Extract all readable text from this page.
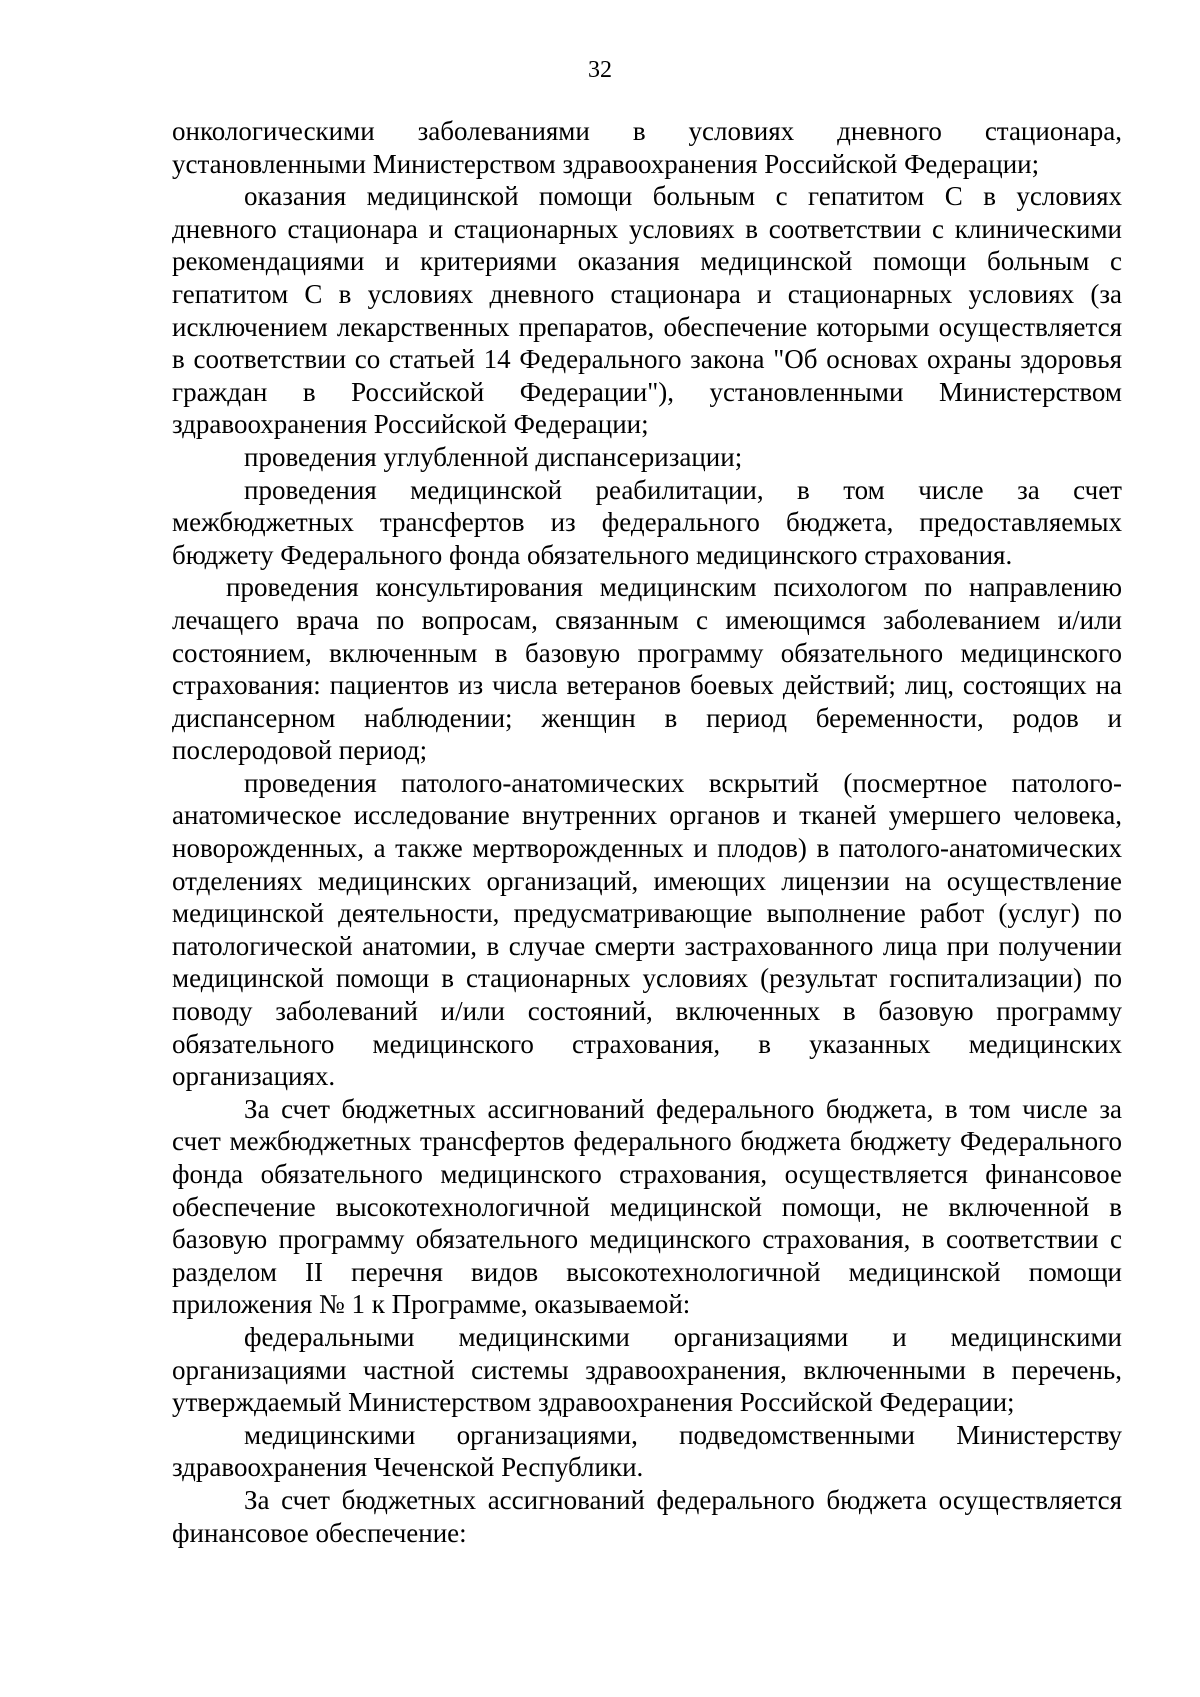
32

онкологическими заболеваниями в условиях дневного стационара, установленными Министерством здравоохранения Российской Федерации;

оказания медицинской помощи больным с гепатитом С в условиях дневного стационара и стационарных условиях в соответствии с клиническими рекомендациями и критериями оказания медицинской помощи больным с гепатитом С в условиях дневного стационара и стационарных условиях (за исключением лекарственных препаратов, обеспечение которыми осуществляется в соответствии со статьей 14 Федерального закона "Об основах охраны здоровья граждан в Российской Федерации"), установленными Министерством здравоохранения Российской Федерации;

проведения углубленной диспансеризации;

проведения медицинской реабилитации, в том числе за счет межбюджетных трансфертов из федерального бюджета, предоставляемых бюджету Федерального фонда обязательного медицинского страхования.

проведения консультирования медицинским психологом по направлению лечащего врача по вопросам, связанным с имеющимся заболеванием и/или состоянием, включенным в базовую программу обязательного медицинского страхования: пациентов из числа ветеранов боевых действий; лиц, состоящих на диспансерном наблюдении; женщин в период беременности, родов и послеродовой период;

проведения патолого-анатомических вскрытий (посмертное патолого-анатомическое исследование внутренних органов и тканей умершего человека, новорожденных, а также мертворожденных и плодов) в патолого-анатомических отделениях медицинских организаций, имеющих лицензии на осуществление медицинской деятельности, предусматривающие выполнение работ (услуг) по патологической анатомии, в случае смерти застрахованного лица при получении медицинской помощи в стационарных условиях (результат госпитализации) по поводу заболеваний и/или состояний, включенных в базовую программу обязательного медицинского страхования, в указанных медицинских организациях.

За счет бюджетных ассигнований федерального бюджета, в том числе за счет межбюджетных трансфертов федерального бюджета бюджету Федерального фонда обязательного медицинского страхования, осуществляется финансовое обеспечение высокотехнологичной медицинской помощи, не включенной в базовую программу обязательного медицинского страхования, в соответствии с разделом II перечня видов высокотехнологичной медицинской помощи приложения № 1 к Программе, оказываемой:

федеральными медицинскими организациями и медицинскими организациями частной системы здравоохранения, включенными в перечень, утверждаемый Министерством здравоохранения Российской Федерации;

медицинскими организациями, подведомственными Министерству здравоохранения Чеченской Республики.

За счет бюджетных ассигнований федерального бюджета осуществляется финансовое обеспечение:
